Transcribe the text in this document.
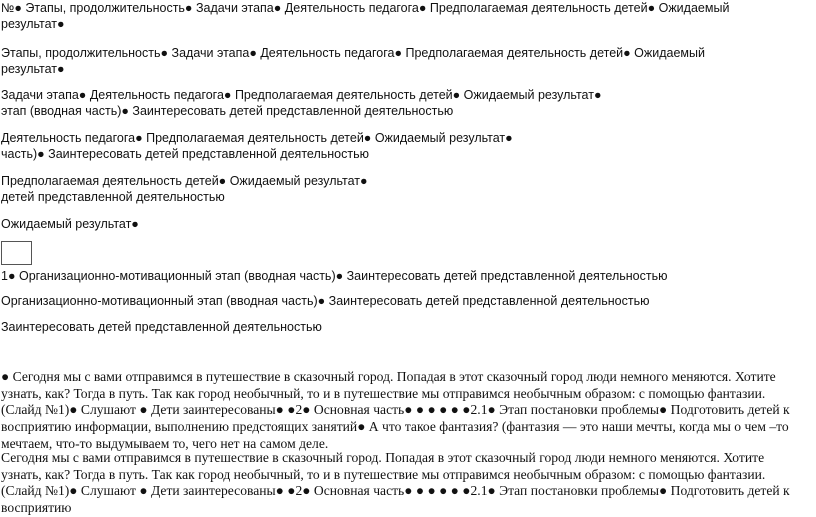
№● Этапы, продолжительность● Задачи этапа● Деятельность педагога● Предполагаемая деятельность детей● Ожидаемый
результат●
Этапы, продолжительность● Задачи этапа● Деятельность педагога● Предполагаемая деятельность детей● Ожидаемый
результат●
Задачи этапа● Деятельность педагога● Предполагаемая деятельность детей● Ожидаемый результат●
этап (вводная часть)● Заинтересовать детей представленной деятельностью
Деятельность педагога● Предполагаемая деятельность детей● Ожидаемый результат●
часть)● Заинтересовать детей представленной деятельностью
Предполагаемая деятельность детей● Ожидаемый результат●
детей представленной деятельностью
Ожидаемый результат●
1● Организационно-мотивационный этап (вводная часть)● Заинтересовать детей представленной деятельностью
Организационно-мотивационный этап (вводная часть)● Заинтересовать детей представленной деятельностью
Заинтересовать детей представленной деятельностью
● Сегодня мы с вами отправимся в путешествие в сказочный город. Попадая в этот сказочный город люди немного меняются. Хотите узнать, как? Тогда в путь. Так как город необычный, то и в путешествие мы отправимся необычным образом: с помощью фантазии. (Слайд №1)● Слушают ● Дети заинтересованы● ●2● Основная часть● ● ● ● ● ●2.1● Этап постановки проблемы● Подготовить детей к восприятию информации, выполнению предстоящих занятий● А что такое фантазия? (фантазия — это наши мечты, когда мы о чем –то мечтаем, что-то выдумываем то, чего нет на самом деле.
Сегодня мы с вами отправимся в путешествие в сказочный город. Попадая в этот сказочный город люди немного меняются. Хотите узнать, как? Тогда в путь. Так как город необычный, то и в путешествие мы отправимся необычным образом: с помощью фантазии. (Слайд №1)● Слушают ● Дети заинтересованы● ●2● Основная часть● ● ● ● ● ●2.1● Этап постановки проблемы● Подготовить детей к восприятию
